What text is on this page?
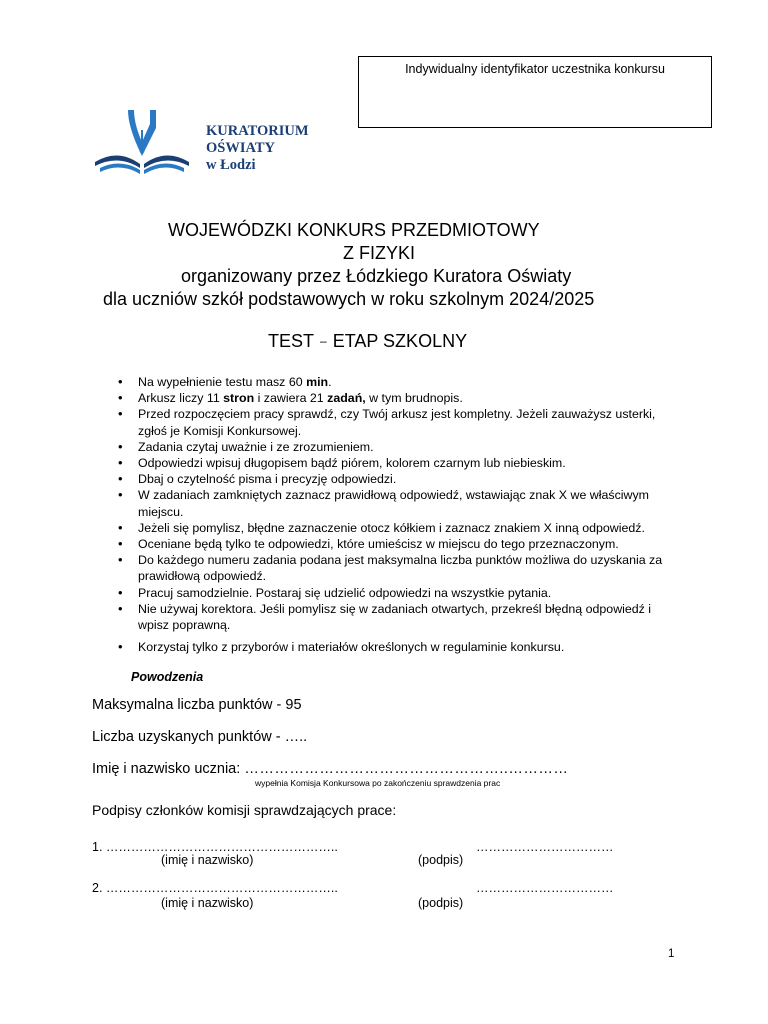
Indywidualny identyfikator uczestnika konkursu
KURATORIUM
OŚWIATY
w Łodzi
WOJEWÓDZKI KONKURS PRZEDMIOTOWY
Z FIZYKI
organizowany przez Łódzkiego Kuratora Oświaty
dla uczniów szkół podstawowych w roku szkolnym 2024/2025
TEST – ETAP SZKOLNY
• Na wypełnienie testu masz 60 min.
• Arkusz liczy 11 stron i zawiera 21 zadań, w tym brudnopis.
• Przed rozpoczęciem pracy sprawdź, czy Twój arkusz jest kompletny. Jeżeli zauważysz usterki, zgłoś je Komisji Konkursowej.
• Zadania czytaj uważnie i ze zrozumieniem.
• Odpowiedzi wpisuj długopisem bądź piórem, kolorem czarnym lub niebieskim.
• Dbaj o czytelność pisma i precyzję odpowiedzi.
• W zadaniach zamkniętych zaznacz prawidłową odpowiedź, wstawiając znak X we właściwym miejscu.
• Jeżeli się pomylisz, błędne zaznaczenie otocz kółkiem i zaznacz znakiem X inną odpowiedź.
• Oceniane będą tylko te odpowiedzi, które umieścisz w miejscu do tego przeznaczonym.
• Do każdego numeru zadania podana jest maksymalna liczba punktów możliwa do uzyskania za prawidłową odpowiedź.
• Pracuj samodzielnie. Postaraj się udzielić odpowiedzi na wszystkie pytania.
• Nie używaj korektora. Jeśli pomylisz się w zadaniach otwartych, przekreśl błędną odpowiedź i wpisz poprawną.
• Korzystaj tylko z przyborów i materiałów określonych w regulaminie konkursu.
Powodzenia
Maksymalna liczba punktów - 95
Liczba uzyskanych punktów - …..
Imię i nazwisko ucznia: ……………………………………………..…………
wypełnia Komisja Konkursowa po zakończeniu sprawdzenia prac
Podpisy członków komisji sprawdzających prace:
1. ………………………………………………..	……………………………
(imię i nazwisko)	(podpis)
2. ………………………………………………..	……………………………
(imię i nazwisko)	(podpis)
1
